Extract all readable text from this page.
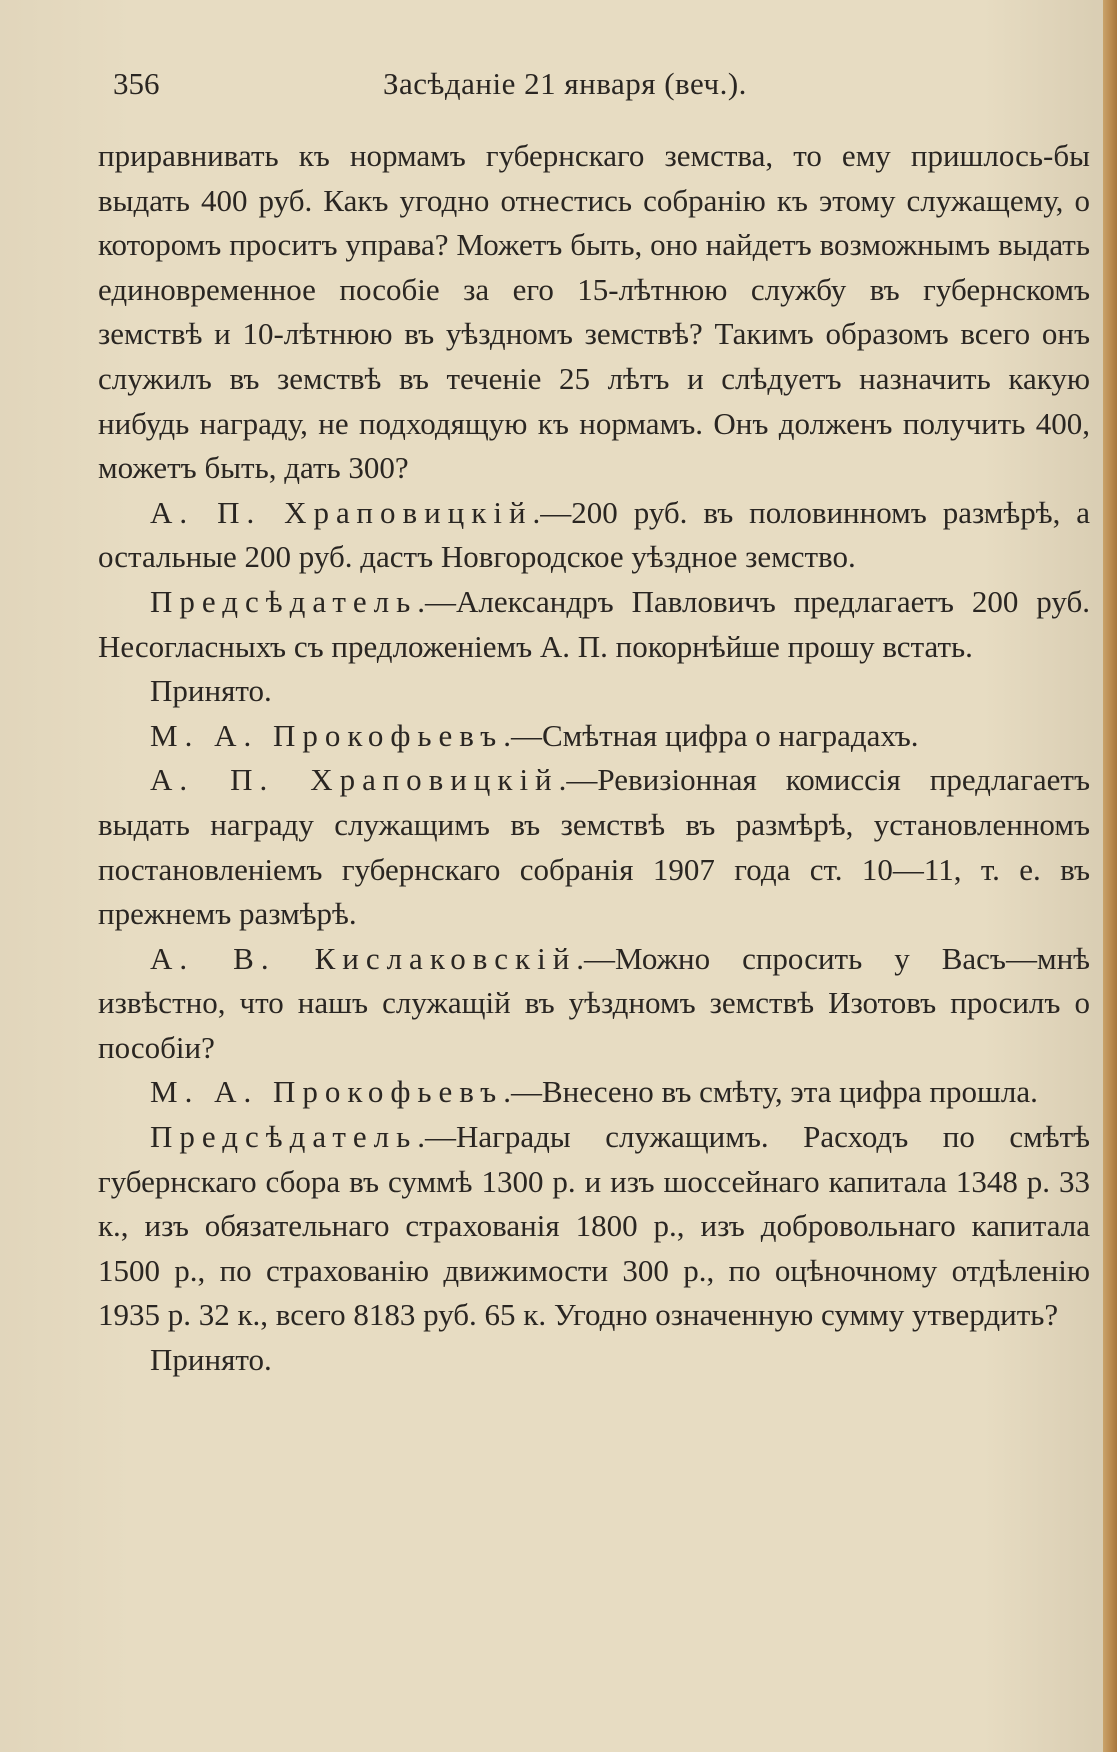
356	Засѣданіе 21 января (веч.).

приравнивать къ нормамъ губернскаго земства, то ему пришлось-бы выдать 400 руб. Какъ угодно отнестись собранію къ этому служащему, о которомъ проситъ управа? Можетъ быть, оно найдетъ возможнымъ выдать единовременное пособіе за его 15-лѣтнюю службу въ губернскомъ земствѣ и 10-лѣтнюю въ уѣздномъ земствѣ? Такимъ образомъ всего онъ служилъ въ земствѣ въ теченіе 25 лѣтъ и слѣдуетъ назначить какую нибудь награду, не подходящую къ нормамъ. Онъ долженъ получить 400, можетъ быть, дать 300?

А. П. Храповицкій.—200 руб. въ половинномъ размѣрѣ, а остальные 200 руб. дастъ Новгородское уѣздное земство.

Предсѣдатель.—Александръ Павловичъ предлагаетъ 200 руб. Несогласныхъ съ предложеніемъ А. П. покорнѣйше прошу встать.

Принято.

М. А. Прокофьевъ.—Смѣтная цифра о наградахъ.

А. П. Храповицкій.—Ревизіонная комиссія предлагаетъ выдать награду служащимъ въ земствѣ въ размѣрѣ, установленномъ постановленіемъ губернскаго собранія 1907 года ст. 10—11, т. е. въ прежнемъ размѣрѣ.

А. В. Кислаковскій.—Можно спросить у Васъ—мнѣ извѣстно, что нашъ служащій въ уѣздномъ земствѣ Изотовъ просилъ о пособіи?

М. А. Прокофьевъ.—Внесено въ смѣту, эта цифра прошла.

Предсѣдатель.—Награды служащимъ. Расходъ по смѣтѣ губернскаго сбора въ суммѣ 1300 р. и изъ шоссейнаго капитала 1348 р. 33 к., изъ обязательнаго страхованія 1800 р., изъ добровольнаго капитала 1500 р., по страхованію движимости 300 р., по оцѣночному отдѣленію 1935 р. 32 к., всего 8183 руб. 65 к. Угодно означенную сумму утвердить?

Принято.
